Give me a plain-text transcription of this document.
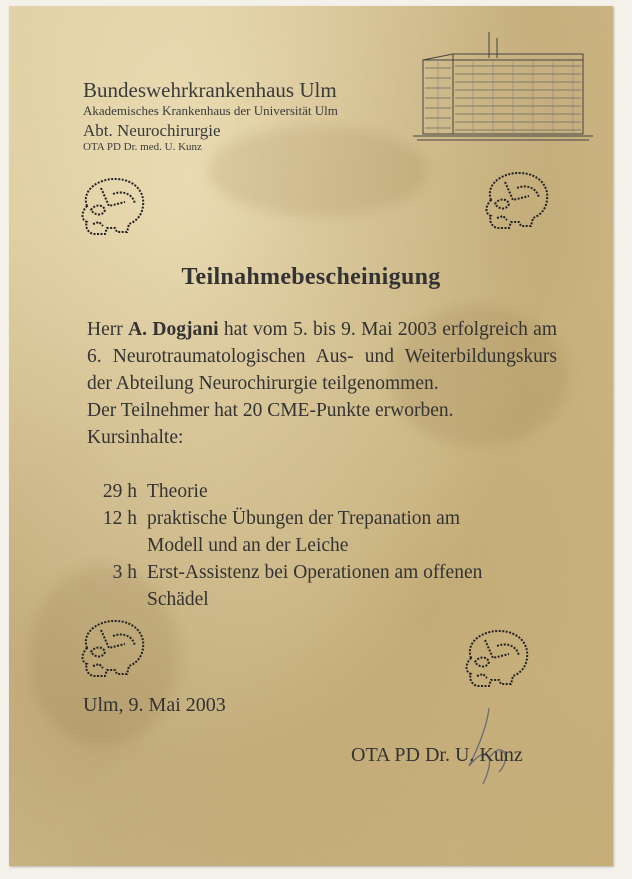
Bundeswehrkrankenhaus Ulm
Akademisches Krankenhaus der Universität Ulm
Abt. Neurochirurgie
OTA PD Dr. med. U. Kunz
Teilnahmebescheinigung
Herr A. Dogjani hat vom 5. bis 9. Mai 2003 erfolgreich am 6. Neurotraumatologischen Aus- und Weiterbildungskurs der Abteilung Neurochirurgie teilgenommen.
Der Teilnehmer hat 20 CME-Punkte erworben.
Kursinhalte:
29 h Theorie
12 h praktische Übungen der Trepanation am Modell und an der Leiche
3 h Erst-Assistenz bei Operationen am offenen Schädel
Ulm, 9. Mai 2003
OTA PD Dr. U. Kunz
